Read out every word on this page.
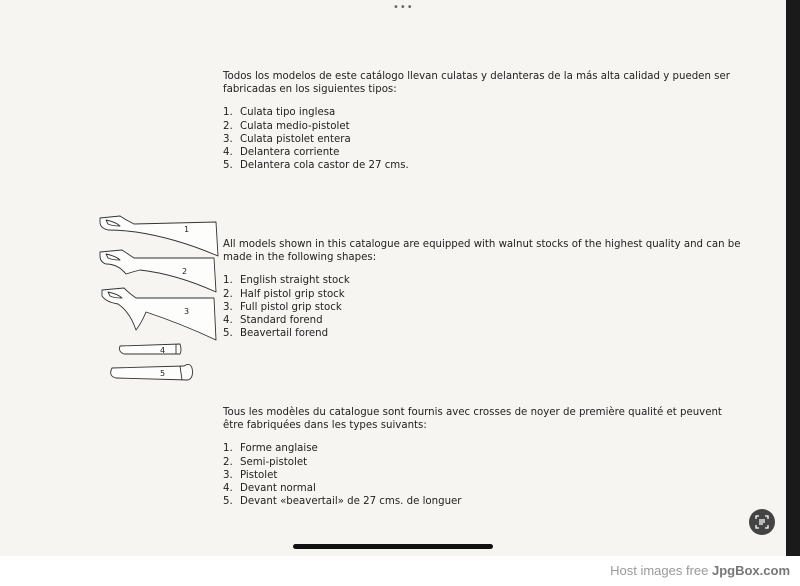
•••

Todos los modelos de este catálogo llevan culatas y delanteras de la más alta calidad y pueden ser fabricadas en los siguientes tipos:

1. Culata tipo inglesa
2. Culata medio-pistolet
3. Culata pistolet entera
4. Delantera corriente
5. Delantera cola castor de 27 cms.

All models shown in this catalogue are equipped with walnut stocks of the highest quality and can be made in the following shapes:

1. English straight stock
2. Half pistol grip stock
3. Full pistol grip stock
4. Standard forend
5. Beavertail forend

Tous les modèles du catalogue sont fournis avec crosses de noyer de première qualité et peuvent être fabriquées dans les types suivants:

1. Forme anglaise
2. Semi-pistolet
3. Pistolet
4. Devant normal
5. Devant «beavertail» de 27 cms. de longuer
1
2
3
4
5
Host images free JpgBox.com
